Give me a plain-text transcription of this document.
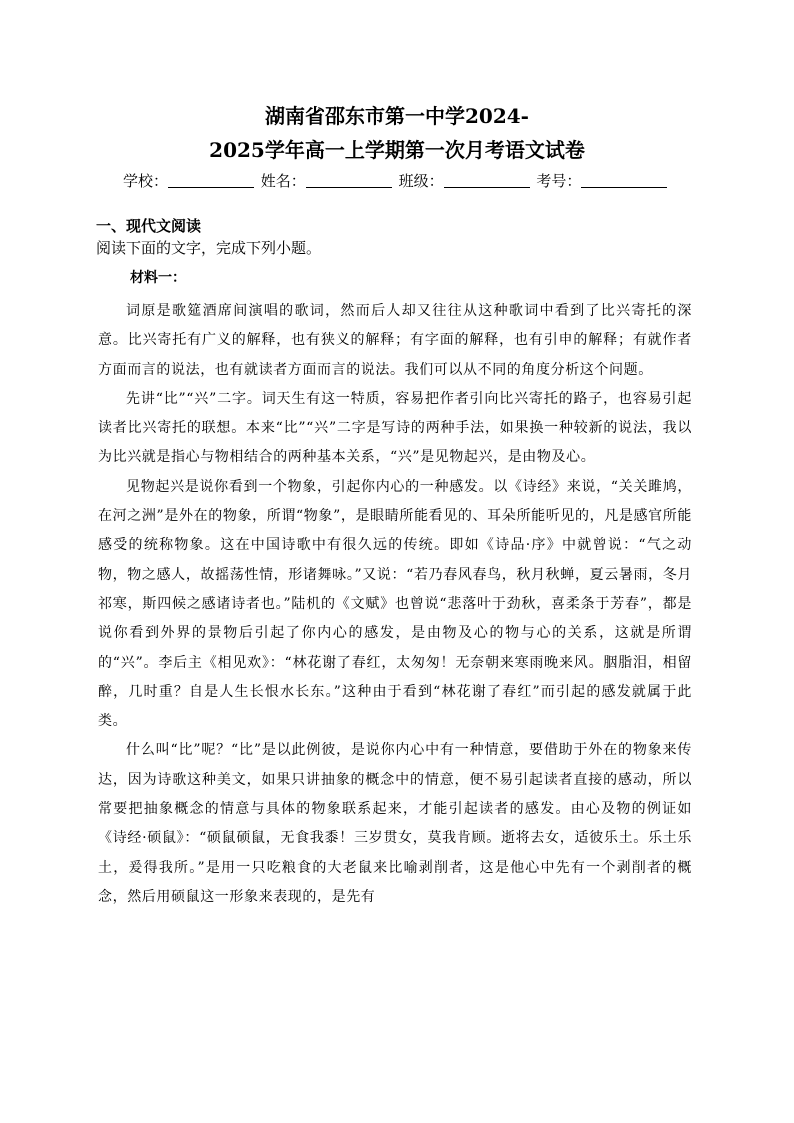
湖南省邵东市第一中学2024-
2025学年高一上学期第一次月考语文试卷
学校：	姓名：	班级：	考号：
一、现代文阅读
阅读下面的文字，完成下列小题。
材料一：

词原是歌筵酒席间演唱的歌词，然而后人却又往往从这种歌词中看到了比兴寄托的深意。比兴寄托有广义的解释，也有狭义的解释；有字面的解释，也有引申的解释；有就作者方面而言的说法，也有就读者方面而言的说法。我们可以从不同的角度分析这个问题。

先讲“比”“兴”二字。词天生有这一特质，容易把作者引向比兴寄托的路子，也容易引起读者比兴寄托的联想。本来“比”“兴”二字是写诗的两种手法，如果换一种较新的说法，我以为比兴就是指心与物相结合的两种基本关系，“兴”是见物起兴，是由物及心。

见物起兴是说你看到一个物象，引起你内心的一种感发。以《诗经》来说，“关关雎鸠，在河之洲”是外在的物象，所谓“物象”，是眼睛所能看见的、耳朵所能听见的，凡是感官所能感受的统称物象。这在中国诗歌中有很久远的传统。即如《诗品·序》中就曾说：“气之动物，物之感人，故摇荡性情，形诸舞咏。”又说：“若乃春风春鸟，秋月秋蝉，夏云暑雨，冬月祁寒，斯四候之感诸诗者也。”陆机的《文赋》也曾说“悲落叶于劲秋，喜柔条于芳春”，都是说你看到外界的景物后引起了你内心的感发，是由物及心的物与心的关系，这就是所谓的“兴”。李后主《相见欢》：“林花谢了春红，太匆匆！无奈朝来寒雨晚来风。胭脂泪，相留醉，几时重？自是人生长恨水长东。”这种由于看到“林花谢了春红”而引起的感发就属于此类。

什么叫“比”呢？“比”是以此例彼，是说你内心中有一种情意，要借助于外在的物象来传达，因为诗歌这种美文，如果只讲抽象的概念中的情意，便不易引起读者直接的感动，所以常要把抽象概念的情意与具体的物象联系起来，才能引起读者的感发。由心及物的例证如《诗经·硕鼠》：“硕鼠硕鼠，无食我黍！三岁贯女，莫我肯顾。逝将去女，适彼乐土。乐土乐土，爰得我所。”是用一只吃粮食的大老鼠来比喻剥削者，这是他心中先有一个剥削者的概念，然后用硕鼠这一形象来表现的，是先有
